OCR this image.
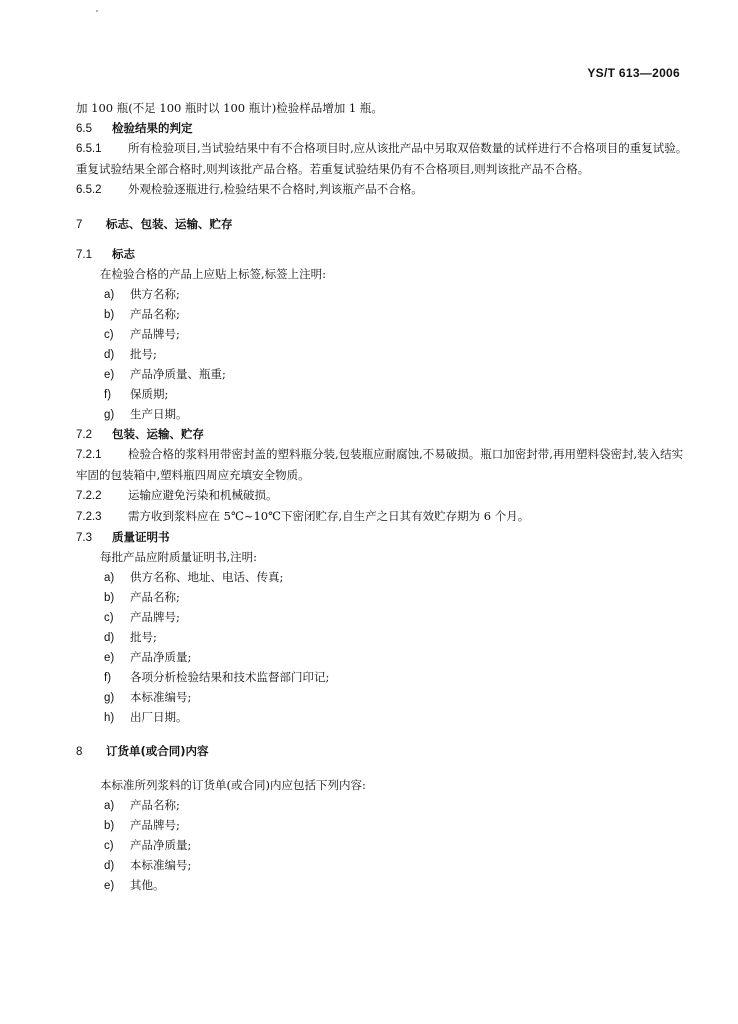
YS/T 613—2006
加 100 瓶(不足 100 瓶时以 100 瓶计)检验样品增加 1 瓶。
6.5 检验结果的判定
6.5.1 所有检验项目,当试验结果中有不合格项目时,应从该批产品中另取双倍数量的试样进行不合格项目的重复试验。重复试验结果全部合格时,则判该批产品合格。若重复试验结果仍有不合格项目,则判该批产品不合格。
6.5.2 外观检验逐瓶进行,检验结果不合格时,判该瓶产品不合格。
7 标志、包装、运输、贮存
7.1 标志
在检验合格的产品上应贴上标签,标签上注明:
a) 供方名称;
b) 产品名称;
c) 产品牌号;
d) 批号;
e) 产品净质量、瓶重;
f) 保质期;
g) 生产日期。
7.2 包装、运输、贮存
7.2.1 检验合格的浆料用带密封盖的塑料瓶分装,包装瓶应耐腐蚀,不易破损。瓶口加密封带,再用塑料袋密封,装入结实牢固的包装箱中,塑料瓶四周应充填安全物质。
7.2.2 运输应避免污染和机械破损。
7.2.3 需方收到浆料应在 5℃~10℃下密闭贮存,自生产之日其有效贮存期为 6 个月。
7.3 质量证明书
每批产品应附质量证明书,注明:
a) 供方名称、地址、电话、传真;
b) 产品名称;
c) 产品牌号;
d) 批号;
e) 产品净质量;
f) 各项分析检验结果和技术监督部门印记;
g) 本标准编号;
h) 出厂日期。
8 订货单(或合同)内容
本标准所列浆料的订货单(或合同)内应包括下列内容:
a) 产品名称;
b) 产品牌号;
c) 产品净质量;
d) 本标准编号;
e) 其他。
